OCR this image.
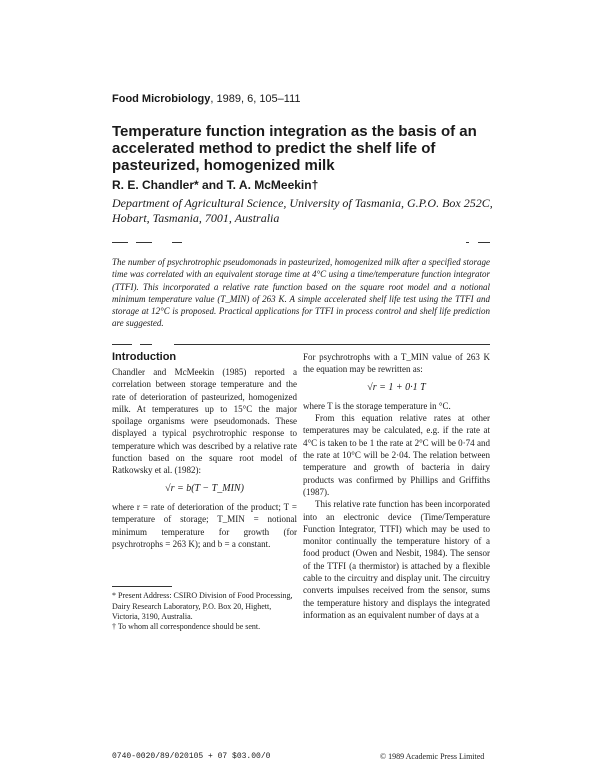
Food Microbiology, 1989, 6, 105–111
Temperature function integration as the basis of an accelerated method to predict the shelf life of pasteurized, homogenized milk
R. E. Chandler* and T. A. McMeekin†
Department of Agricultural Science, University of Tasmania, G.P.O. Box 252C, Hobart, Tasmania, 7001, Australia
The number of psychrotrophic pseudomonads in pasteurized, homogenized milk after a specified storage time was correlated with an equivalent storage time at 4°C using a time/temperature function integrator (TTFI). This incorporated a relative rate function based on the square root model and a notional minimum temperature value (T_MIN) of 263 K. A simple accelerated shelf life test using the TTFI and storage at 12°C is proposed. Practical applications for TTFI in process control and shelf life prediction are suggested.
Introduction

Chandler and McMeekin (1985) reported a correlation between storage temperature and the rate of deterioration of pasteurized, homogenized milk. At temperatures up to 15°C the major spoilage organisms were pseudomonads. These displayed a typical psychrotrophic response to temperature which was described by a relative rate function based on the square root model of Ratkowsky et al. (1982):

√r = b(T − T_MIN)

where r = rate of deterioration of the product; T = temperature of storage; T_MIN = notional minimum temperature for growth (for psychrotrophs = 263 K); and b = a constant.

* Present Address: CSIRO Division of Food Processing, Dairy Research Laboratory, P.O. Box 20, Highett, Victoria, 3190, Australia.
† To whom all correspondence should be sent.

For psychrotrophs with a T_MIN value of 263 K the equation may be rewritten as:

√r = 1 + 0·1 T

where T is the storage temperature in °C.

From this equation relative rates at other temperatures may be calculated, e.g. if the rate at 4°C is taken to be 1 the rate at 2°C will be 0·74 and the rate at 10°C will be 2·04. The relation between temperature and growth of bacteria in dairy products was confirmed by Phillips and Griffiths (1987).

This relative rate function has been incorporated into an electronic device (Time/Temperature Function Integrator, TTFI) which may be used to monitor continually the temperature history of a food product (Owen and Nesbit, 1984). The sensor of the TTFI (a thermistor) is attached by a flexible cable to the circuitry and display unit. The circuitry converts impulses received from the sensor, sums the temperature history and displays the integrated information as an equivalent number of days at a

0740-0020/89/020105 + 07 $03.00/0	© 1989 Academic Press Limited
